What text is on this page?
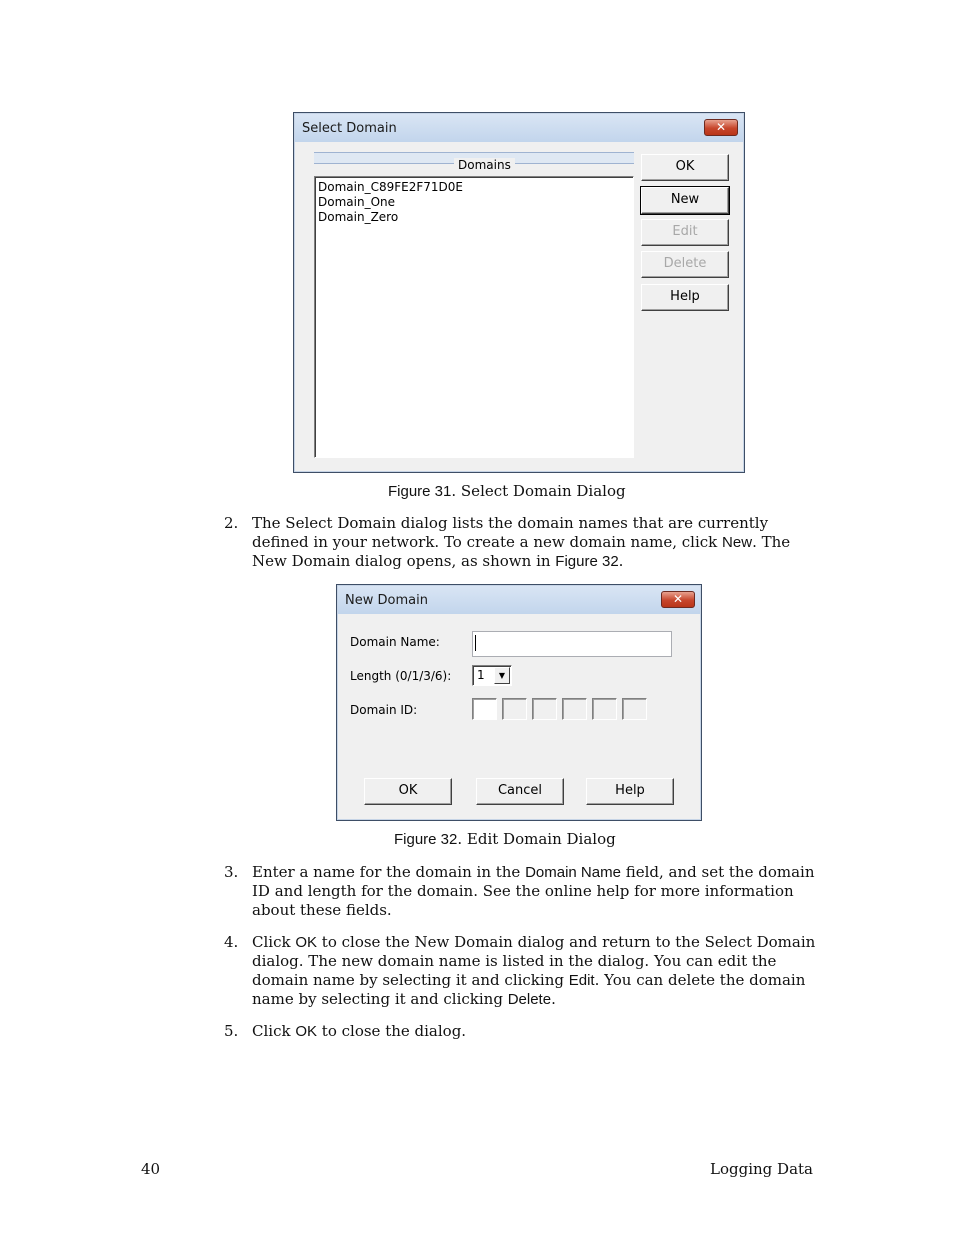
Select Domain	✕
Domains
Domain_C89FE2F71D0E
Domain_One
Domain_Zero
OK
New
Edit
Delete
Help
Figure 31. Select Domain Dialog
2. The Select Domain dialog lists the domain names that are currently defined in your network. To create a new domain name, click New. The New Domain dialog opens, as shown in Figure 32.
New Domain	✕
Domain Name:
Length (0/1/3/6): 1	▼
Domain ID:
OK	Cancel	Help
Figure 32. Edit Domain Dialog
3. Enter a name for the domain in the Domain Name field, and set the domain ID and length for the domain. See the online help for more information about these fields.
4. Click OK to close the New Domain dialog and return to the Select Domain dialog. The new domain name is listed in the dialog. You can edit the domain name by selecting it and clicking Edit. You can delete the domain name by selecting it and clicking Delete.
5. Click OK to close the dialog.
40	Logging Data
